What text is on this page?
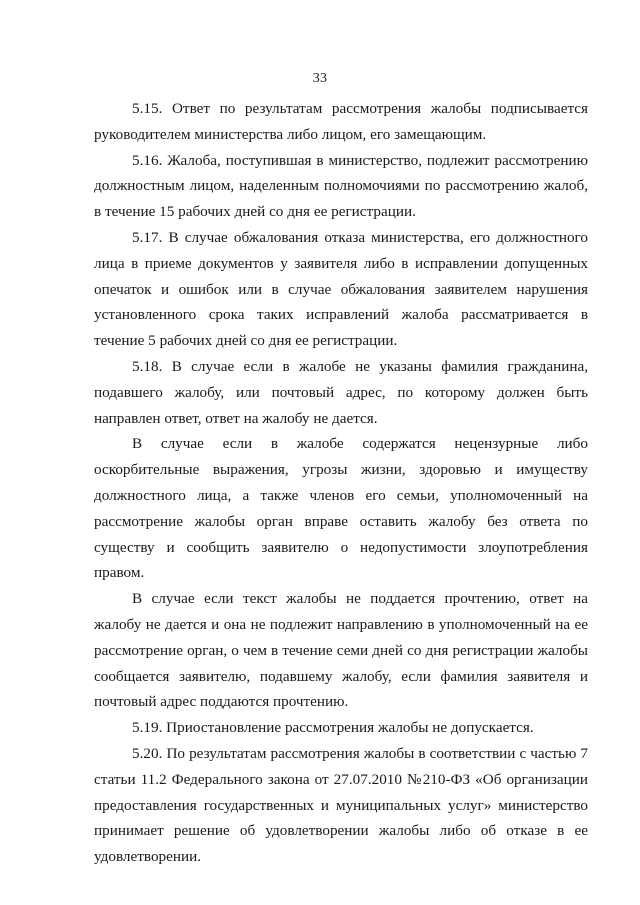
33

5.15. Ответ по результатам рассмотрения жалобы подписывается руководителем министерства либо лицом, его замещающим.

5.16. Жалоба, поступившая в министерство, подлежит рассмотрению должностным лицом, наделенным полномочиями по рассмотрению жалоб, в течение 15 рабочих дней со дня ее регистрации.

5.17. В случае обжалования отказа министерства, его должностного лица в приеме документов у заявителя либо в исправлении допущенных опечаток и ошибок или в случае обжалования заявителем нарушения установленного срока таких исправлений жалоба рассматривается в течение 5 рабочих дней со дня ее регистрации.

5.18. В случае если в жалобе не указаны фамилия гражданина, подавшего жалобу, или почтовый адрес, по которому должен быть направлен ответ, ответ на жалобу не дается.

В случае если в жалобе содержатся нецензурные либо оскорбительные выражения, угрозы жизни, здоровью и имуществу должностного лица, а также членов его семьи, уполномоченный на рассмотрение жалобы орган вправе оставить жалобу без ответа по существу и сообщить заявителю о недопустимости злоупотребления правом.

В случае если текст жалобы не поддается прочтению, ответ на жалобу не дается и она не подлежит направлению в уполномоченный на ее рассмотрение орган, о чем в течение семи дней со дня регистрации жалобы сообщается заявителю, подавшему жалобу, если фамилия заявителя и почтовый адрес поддаются прочтению.

5.19. Приостановление рассмотрения жалобы не допускается.

5.20. По результатам рассмотрения жалобы в соответствии с частью 7 статьи 11.2 Федерального закона от 27.07.2010 №210-ФЗ «Об организации предоставления государственных и муниципальных услуг» министерство принимает решение об удовлетворении жалобы либо об отказе в ее удовлетворении.
